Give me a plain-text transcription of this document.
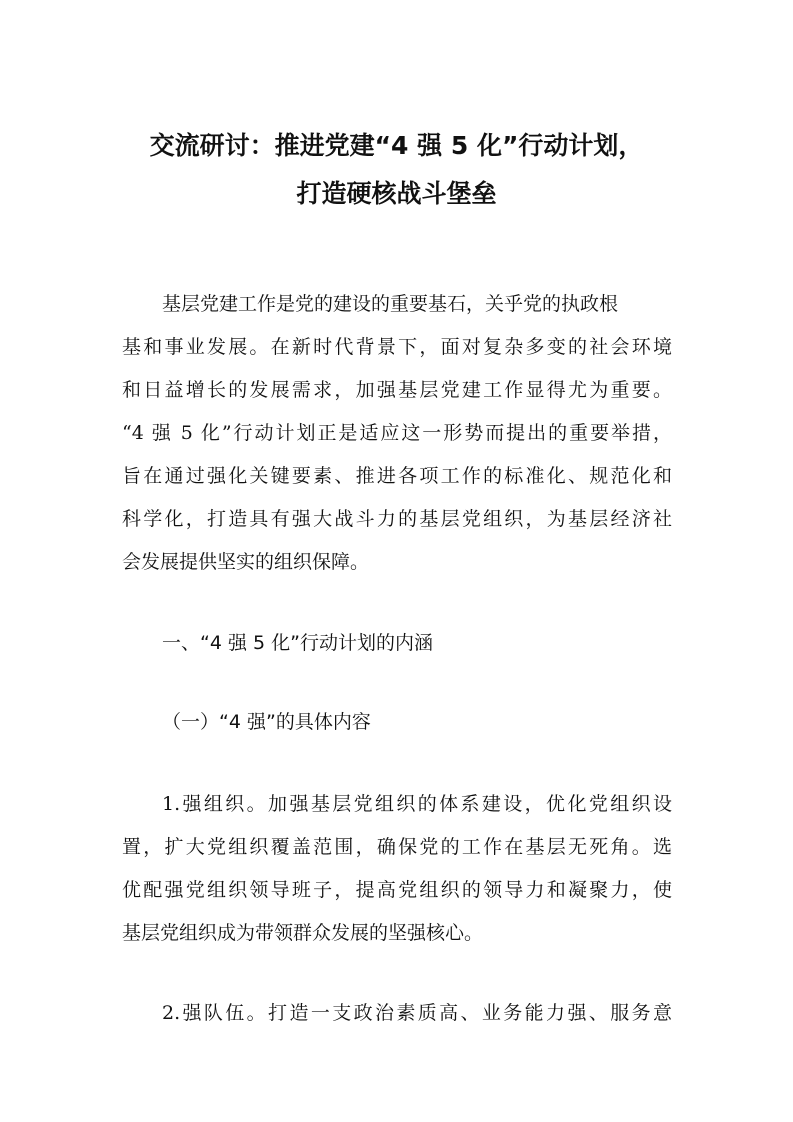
交流研讨：推进党建“4 强 5 化”行动计划，
打造硬核战斗堡垒
基层党建工作是党的建设的重要基石，关乎党的执政根
基和事业发展。在新时代背景下，面对复杂多变的社会环境
和日益增长的发展需求，加强基层党建工作显得尤为重要。
“4 强 5 化”行动计划正是适应这一形势而提出的重要举措，
旨在通过强化关键要素、推进各项工作的标准化、规范化和
科学化，打造具有强大战斗力的基层党组织，为基层经济社
会发展提供坚实的组织保障。
一、“4 强 5 化”行动计划的内涵
（一）“4 强”的具体内容
1.强组织。加强基层党组织的体系建设，优化党组织设
置，扩大党组织覆盖范围，确保党的工作在基层无死角。选
优配强党组织领导班子，提高党组织的领导力和凝聚力，使
基层党组织成为带领群众发展的坚强核心。
2.强队伍。打造一支政治素质高、业务能力强、服务意
